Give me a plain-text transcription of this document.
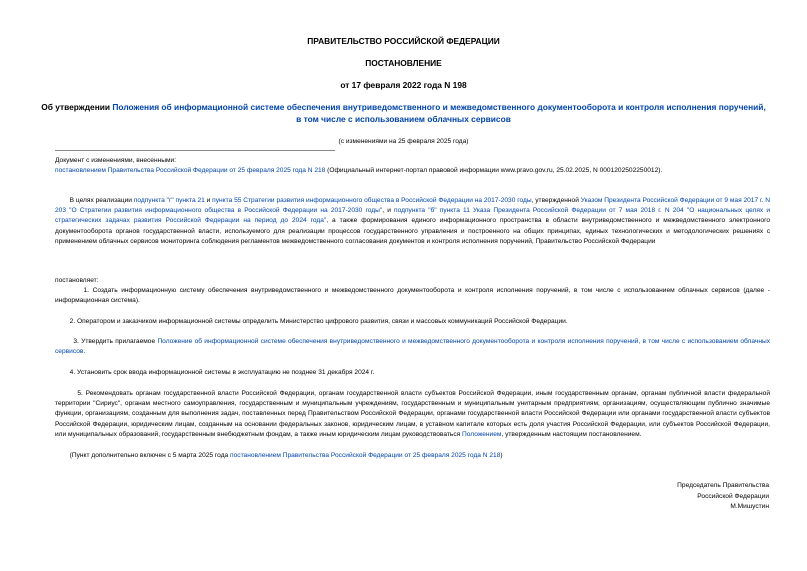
ПРАВИТЕЛЬСТВО РОССИЙСКОЙ ФЕДЕРАЦИИ
ПОСТАНОВЛЕНИЕ
от 17 февраля 2022 года N 198
Об утверждении Положения об информационной системе обеспечения внутриведомственного и межведомственного документооборота и контроля исполнения поручений, в том числе с использованием облачных сервисов
(с изменениями на 25 февраля 2025 года)
Документ с изменениями, внесенными:
постановлением Правительства Российской Федерации от 25 февраля 2025 года N 218 (Официальный интернет-портал правовой информации www.pravo.gov.ru, 25.02.2025, N 0001202502250012).
В целях реализации подпункта "г" пункта 21 и пункта 55 Стратегии развития информационного общества в Российской Федерации на 2017-2030 годы, утвержденной Указом Президента Российской Федерации от 9 мая 2017 г. N 203 "О Стратегии развития информационного общества в Российской Федерации на 2017-2030 годы", и подпункта "б" пункта 11 Указа Президента Российской Федерации от 7 мая 2018 г. N 204 "О национальных целях и стратегических задачах развития Российской Федерации на период до 2024 года", а также формирования единого информационного пространства в области внутриведомственного и межведомственного электронного документооборота органов государственной власти, используемого для реализации процессов государственного управления и построенного на общих принципах, единых технологических и методологических решениях с применением облачных сервисов мониторинга соблюдения регламентов межведомственного согласования документов и контроля исполнения поручений, Правительство Российской Федерации
постановляет:
1. Создать информационную систему обеспечения внутриведомственного и межведомственного документооборота и контроля исполнения поручений, в том числе с использованием облачных сервисов (далее - информационная система).
2. Оператором и заказчиком информационной системы определить Министерство цифрового развития, связи и массовых коммуникаций Российской Федерации.
3. Утвердить прилагаемое Положение об информационной системе обеспечения внутриведомственного и межведомственного документооборота и контроля исполнения поручений, в том числе с использованием облачных сервисов.
4. Установить срок ввода информационной системы в эксплуатацию не позднее 31 декабря 2024 г.
5. Рекомендовать органам государственной власти Российской Федерации, органам государственной власти субъектов Российской Федерации, иным государственным органам, органам публичной власти федеральной территории "Сириус", органам местного самоуправления, государственным и муниципальным учреждениям, государственным и муниципальным унитарным предприятиям, организациям, осуществляющим публично значимые функции, организациям, созданным для выполнения задач, поставленных перед Правительством Российской Федерации, органами государственной власти Российской Федерации или органами государственной власти субъектов Российской Федерации, юридическим лицам, созданным на основании федеральных законов, юридическим лицам, в уставном капитале которых есть доля участия Российской Федерации, или субъектов Российской Федерации, или муниципальных образований, государственным внебюджетным фондам, а также иным юридическим лицам руководствоваться Положением, утвержденным настоящим постановлением.
(Пункт дополнительно включен с 5 марта 2025 года постановлением Правительства Российской Федерации от 25 февраля 2025 года N 218)
Председатель Правительства
Российской Федерации
М.Мишустин
